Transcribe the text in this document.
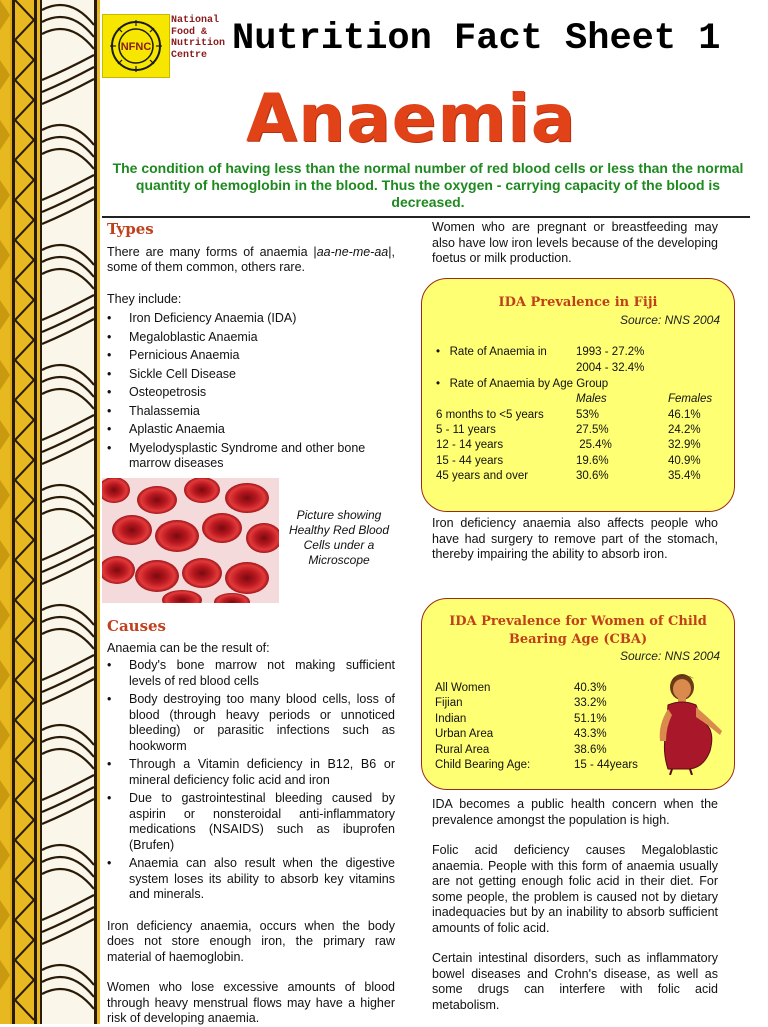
NFNC
National
Food &
Nutrition
Centre Nutrition Fact Sheet 1
Anaemia
The condition of having less than the normal number of red blood cells or less than the normal quantity of hemoglobin in the blood. Thus the oxygen - carrying capacity of the blood is decreased.
Types

There are many forms of anaemia |aa-ne-me-aa|, some of them common, others rare.

They include:

• Iron Deficiency Anaemia (IDA)
• Megaloblastic Anaemia
• Pernicious Anaemia
• Sickle Cell Disease
• Osteopetrosis
• Thalassemia
• Aplastic Anaemia
• Myelodysplastic Syndrome and other bone marrow diseases
Picture showing Healthy Red Blood Cells under a Microscope
Causes

Anaemia can be the result of:

• Body's bone marrow not making sufficient levels of red blood cells
• Body destroying too many blood cells, loss of blood (through heavy periods or unnoticed bleeding) or parasitic infections such as hookworm
• Through a Vitamin deficiency in B12, B6 or mineral deficiency folic acid and iron
• Due to gastrointestinal bleeding caused by aspirin or nonsteroidal anti-inflammatory medications (NSAIDS) such as ibuprofen (Brufen)
• Anaemia can also result when the digestive system loses its ability to absorb key vitamins and minerals.

Iron deficiency anaemia, occurs when the body does not store enough iron, the primary raw material of haemoglobin.

Women who lose excessive amounts of blood through heavy menstrual flows may have a higher risk of developing anaemia.

Women who are pregnant or breastfeeding may also have low iron levels because of the developing foetus or milk production.

IDA Prevalence in Fiji
Source: NNS 2004
•   Rate of Anaemia in	1993 - 27.2%
2004 - 32.4%
•   Rate of Anaemia by Age Group
Males	Females
6 months to <5 years	53%	46.1%
5 - 11 years	27.5%	24.2%
12 - 14 years	25.4%	32.9%
15 - 44 years	19.6%	40.9%
45 years and over	30.6%	35.4%

Iron deficiency anaemia also affects people who have had surgery to remove part of the stomach, thereby impairing the ability to absorb iron.

IDA Prevalence for Women of Child Bearing Age (CBA)
Source: NNS 2004
All Women	40.3%
Fijian	33.2%
Indian	51.1%
Urban Area	43.3%
Rural Area	38.6%
Child Bearing Age:	15 - 44years

IDA becomes a public health concern when the prevalence amongst the population is high.

Folic acid deficiency causes Megaloblastic anaemia. People with this form of anaemia usually are not getting enough folic acid in their diet. For some people, the problem is caused not by dietary inadequacies but by an inability to absorb sufficient amounts of folic acid.

Certain intestinal disorders, such as inflammatory bowel diseases and Crohn's disease, as well as some drugs can interfere with folic acid metabolism.
